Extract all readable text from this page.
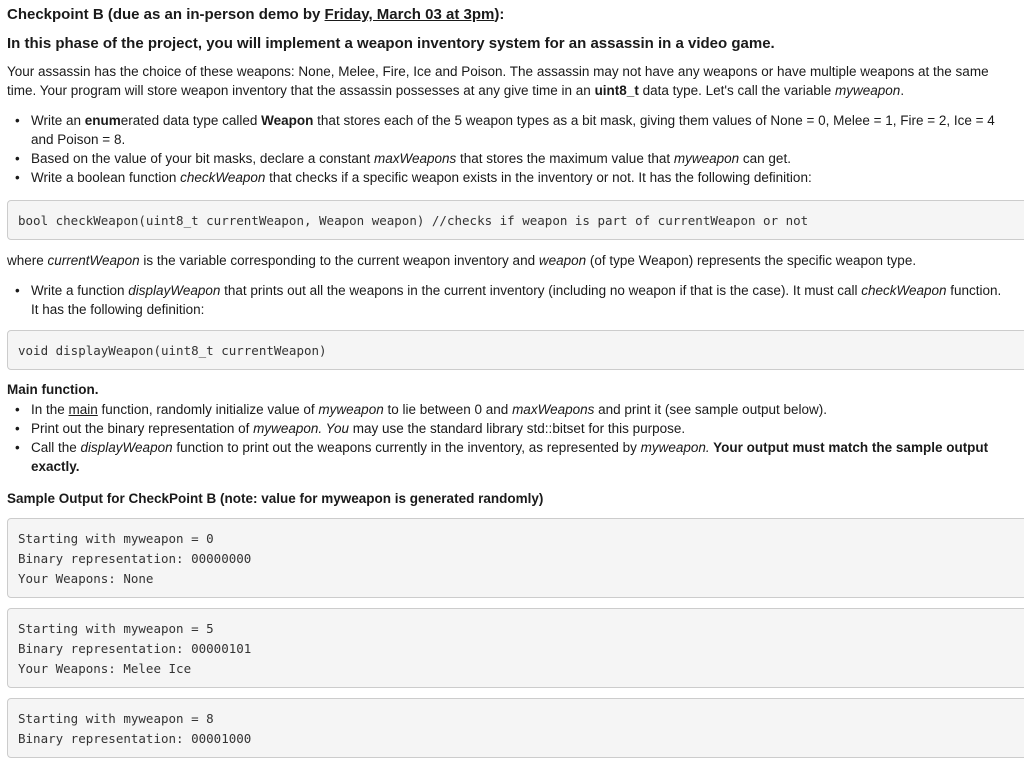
Checkpoint B (due as an in-person demo by Friday, March 03 at 3pm):
In this phase of the project, you will implement a weapon inventory system for an assassin in a video game.

Your assassin has the choice of these weapons: None, Melee, Fire, Ice and Poison. The assassin may not have any weapons or have multiple weapons at the same

time. Your program will store weapon inventory that the assassin possesses at any give time in an uint8_t data type. Let's call the variable myweapon.

• Write an enumerated data type called Weapon that stores each of the 5 weapon types as a bit mask, giving them values of None = 0, Melee = 1, Fire = 2, Ice = 4
and Poison = 8.
• Based on the value of your bit masks, declare a constant maxWeapons that stores the maximum value that myweapon can get.
• Write a boolean function checkWeapon that checks if a specific weapon exists in the inventory or not. It has the following definition:
bool checkWeapon(uint8_t currentWeapon, Weapon weapon) //checks if weapon is part of currentWeapon or not

where currentWeapon is the variable corresponding to the current weapon inventory and weapon (of type Weapon) represents the specific weapon type.

• Write a function displayWeapon that prints out all the weapons in the current inventory (including no weapon if that is the case). It must call checkWeapon function.
It has the following definition:
void displayWeapon(uint8_t currentWeapon)

Main function.

• In the main function, randomly initialize value of myweapon to lie between 0 and maxWeapons and print it (see sample output below).
• Print out the binary representation of myweapon. You may use the standard library std::bitset for this purpose.
• Call the displayWeapon function to print out the weapons currently in the inventory, as represented by myweapon. Your output must match the sample output
exactly.

Sample Output for CheckPoint B (note: value for myweapon is generated randomly)

Starting with myweapon = 0
Binary representation: 00000000
Your Weapons: None
Starting with myweapon = 5
Binary representation: 00000101
Your Weapons: Melee Ice
Starting with myweapon = 8
Binary representation: 00001000
